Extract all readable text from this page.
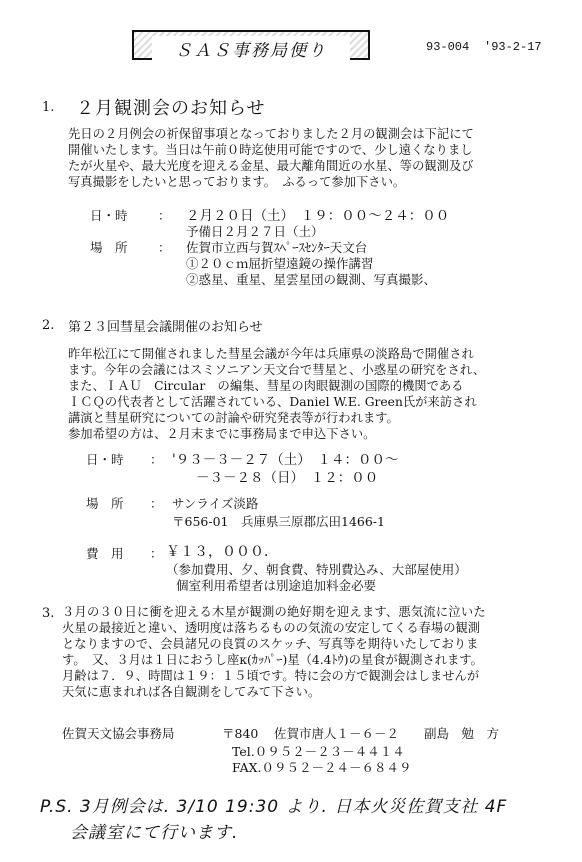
ＳＡＳ事務局便り	93-004 '93-2-17
1. ２月観測会のお知らせ
先日の２月例会の祈保留事項となっておりました２月の観測会は下記にて
開催いたします。当日は午前０時迄使用可能ですので、少し遠くなりまし
たが火星や、最大光度を迎える金星、最大離角間近の水星、等の観測及び
写真撮影をしたいと思っております。　ふるって参加下さい。
日・時 ： ２月２０日（土）　１９：００～２４：００
予備日２月２７日（土）
場　所 ： 佐賀市立西与賀ｽﾍﾟｰｽｾﾝﾀｰ天文台
①２０ｃｍ屈折望遠鏡の操作講習
②惑星、重星、星雲星団の観測、写真撮影、
2. 第２３回彗星会議開催のお知らせ
昨年松江にて開催されました彗星会議が今年は兵庫県の淡路島で開催され
ます。今年の会議にはスミソニアン天文台で彗星と、小惑星の研究をされ、
また、ＩＡＵ　Circular　の編集、彗星の肉眼観測の国際的機関である
ＩＣＱの代表者として活躍されている、Daniel W.E. Green氏が来訪され
講演と彗星研究についての討論や研究発表等が行われます。
参加希望の方は、２月末までに事務局まで申込下さい。
日・時 ： '９３－３－２７（土）　１４：００～
－３－２８（日）　１２：００
場　所 ： サンライズ淡路
〒656-01　兵庫県三原郡広田1466-1
費　用 ： ￥１３，０００．
（参加費用、夕、朝食費、特別費込み、大部屋使用）
個室利用希望者は別途追加料金必要
3. ３月の３０日に衝を迎える木星が観測の絶好期を迎えます、悪気流に泣いた
火星の最接近と違い、透明度は落ちるものの気流の安定してくる春場の観測
となりますので、会員諸兄の良質のスケッチ、写真等を期待いたしておりま
す。　又、３月は１日におうし座κ(ｶｯﾊﾟｰ)星（4.4ﾄｳ)の星食が観測されます。
月齢は７．９、時間は１９：１５頃です。特に会の方で観測会はしませんが
天気に恵まれれば各自観測をしてみて下さい。
佐賀天文協会事務局	〒840 佐賀市唐人１－６－２ 副島　勉　方
Tel.０９５２－２３－４４１４
FAX.０９５２－２４－６８４９
P.S. 3月例会は. 3/10 19:30 より. 日本火災佐賀支社 4F
会議室にて行います.
